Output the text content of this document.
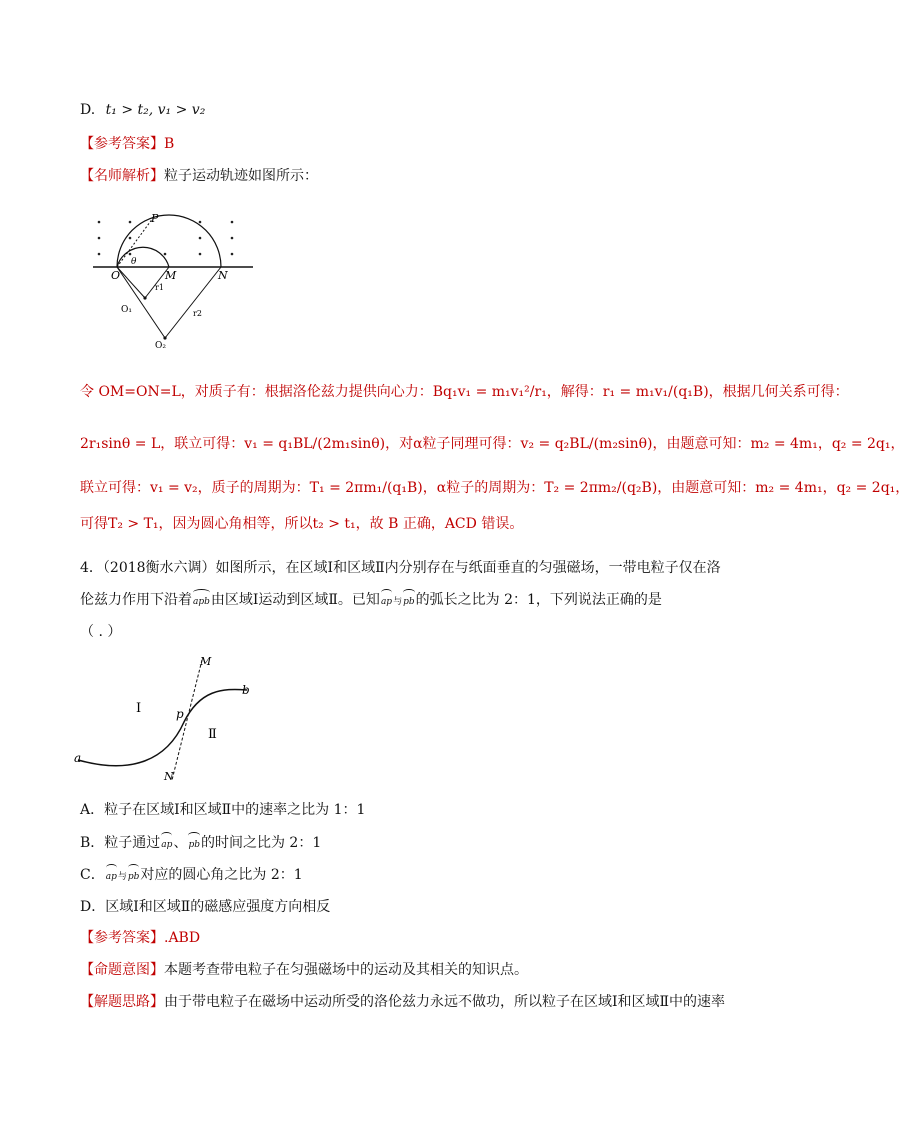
D. t₁ > t₂, v₁ > v₂
【参考答案】B
【名师解析】粒子运动轨迹如图所示：
P
O	M	N
θ
O₁
O₂
r1
r2
令 OM=ON=L，对质子有：根据洛伦兹力提供向心力：Bq₁v₁ = m₁v₁²/r₁，解得：r₁ = m₁v₁/(q₁B)，根据几何关系可得：
2r₁sinθ = L，联立可得：v₁ = q₁BL/(2m₁sinθ)，对α粒子同理可得：v₂ = q₂BL/(m₂sinθ)，由题意可知：m₂ = 4m₁，q₂ = 2q₁，
联立可得：v₁ = v₂，质子的周期为：T₁ = 2πm₁/(q₁B)，α粒子的周期为：T₂ = 2πm₂/(q₂B)，由题意可知：m₂ = 4m₁，q₂ = 2q₁，
可得T₂ > T₁，因为圆心角相等，所以t₂ > t₁，故 B 正确，ACD 错误。
4．（2018衡水六调）如图所示，在区域Ⅰ和区域Ⅱ内分别存在与纸面垂直的匀强磁场，一带电粒子仅在洛
伦兹力作用下沿着apb由区域Ⅰ运动到区域Ⅱ。已知ap与pb的弧长之比为 2：1，下列说法正确的是
（ . ）
M
N
a
b
p
I
Ⅱ
A．粒子在区域Ⅰ和区域Ⅱ中的速率之比为 1：1
B．粒子通过ap、pb的时间之比为 2：1
C．ap与pb对应的圆心角之比为 2：1
D．区域Ⅰ和区域Ⅱ的磁感应强度方向相反
【参考答案】.ABD
【命题意图】本题考查带电粒子在匀强磁场中的运动及其相关的知识点。
【解题思路】由于带电粒子在磁场中运动所受的洛伦兹力永远不做功，所以粒子在区域Ⅰ和区域Ⅱ中的速率
